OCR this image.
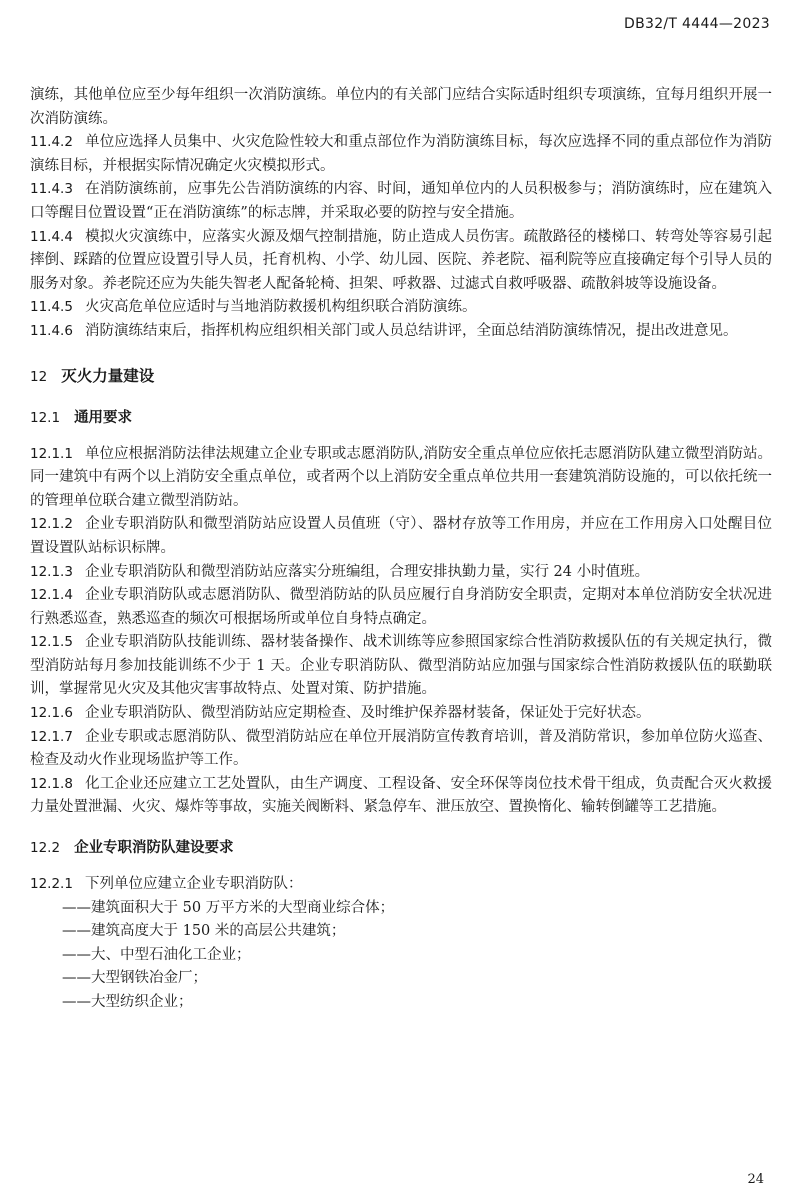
DB32/T 4444—2023

演练，其他单位应至少每年组织一次消防演练。单位内的有关部门应结合实际适时组织专项演练，宜每月组织开展一次消防演练。

11.4.2 单位应选择人员集中、火灾危险性较大和重点部位作为消防演练目标，每次应选择不同的重点部位作为消防演练目标，并根据实际情况确定火灾模拟形式。

11.4.3 在消防演练前，应事先公告消防演练的内容、时间，通知单位内的人员积极参与；消防演练时，应在建筑入口等醒目位置设置“正在消防演练”的标志牌，并采取必要的防控与安全措施。

11.4.4 模拟火灾演练中，应落实火源及烟气控制措施，防止造成人员伤害。疏散路径的楼梯口、转弯处等容易引起摔倒、踩踏的位置应设置引导人员，托育机构、小学、幼儿园、医院、养老院、福利院等应直接确定每个引导人员的服务对象。养老院还应为失能失智老人配备轮椅、担架、呼救器、过滤式自救呼吸器、疏散斜坡等设施设备。

11.4.5 火灾高危单位应适时与当地消防救援机构组织联合消防演练。

11.4.6 消防演练结束后，指挥机构应组织相关部门或人员总结讲评，全面总结消防演练情况，提出改进意见。

12 灭火力量建设
12.1 通用要求

12.1.1 单位应根据消防法律法规建立企业专职或志愿消防队,消防安全重点单位应依托志愿消防队建立微型消防站。同一建筑中有两个以上消防安全重点单位，或者两个以上消防安全重点单位共用一套建筑消防设施的，可以依托统一的管理单位联合建立微型消防站。

12.1.2 企业专职消防队和微型消防站应设置人员值班（守）、器材存放等工作用房，并应在工作用房入口处醒目位置设置队站标识标牌。

12.1.3 企业专职消防队和微型消防站应落实分班编组，合理安排执勤力量，实行 24 小时值班。

12.1.4 企业专职消防队或志愿消防队、微型消防站的队员应履行自身消防安全职责，定期对本单位消防安全状况进行熟悉巡查，熟悉巡查的频次可根据场所或单位自身特点确定。

12.1.5 企业专职消防队技能训练、器材装备操作、战术训练等应参照国家综合性消防救援队伍的有关规定执行，微型消防站每月参加技能训练不少于 1 天。企业专职消防队、微型消防站应加强与国家综合性消防救援队伍的联勤联训，掌握常见火灾及其他灾害事故特点、处置对策、防护措施。

12.1.6 企业专职消防队、微型消防站应定期检查、及时维护保养器材装备，保证处于完好状态。

12.1.7 企业专职或志愿消防队、微型消防站应在单位开展消防宣传教育培训，普及消防常识，参加单位防火巡查、检查及动火作业现场监护等工作。

12.1.8 化工企业还应建立工艺处置队，由生产调度、工程设备、安全环保等岗位技术骨干组成，负责配合灭火救援力量处置泄漏、火灾、爆炸等事故，实施关阀断料、紧急停车、泄压放空、置换惰化、输转倒罐等工艺措施。

12.2 企业专职消防队建设要求

12.2.1 下列单位应建立企业专职消防队：

——建筑面积大于 50 万平方米的大型商业综合体；

——建筑高度大于 150 米的高层公共建筑；

——大、中型石油化工企业；

——大型钢铁冶金厂；

——大型纺织企业；

24
